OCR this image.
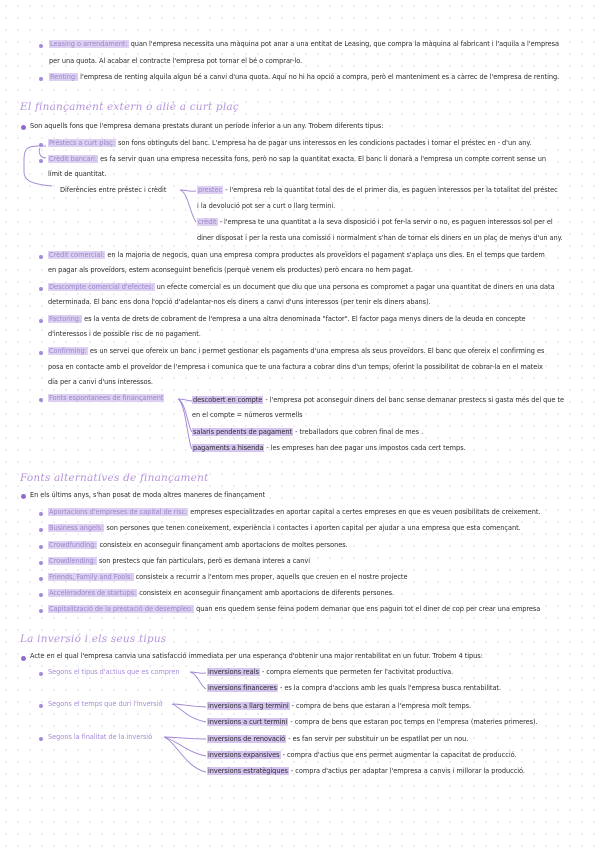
Leasing o arrendament: quan l'empresa necessita una màquina pot anar a una entitat de Leasing, que compra la màquina al fabricant i l'aquila a l'empresa
per una quota. Al acabar el contracte l'empresa pot tornar el bé o comprar-lo.
Renting: l'empresa de renting alquila algun bé a canvi d'una quota. Aquí no hi ha opció a compra, però el manteniment es a càrrec de l'empresa de renting.
El finançament extern o aliè a curt plaç
Son aquells fons que l'empresa demana prestats durant un període inferior a un any. Trobem diferents tipus:
Préstecs a curt plaç: son fons obtinguts del banc. L'empresa ha de pagar uns interessos en les condicions pactades i tornar el préstec en - d'un any.
Crèdit bancari: es fa servir quan una empresa necessita fons, però no sap la quantitat exacta. El banc li donarà a l'empresa un compte corrent sense un
límit de quantitat.
Diferències entre préstec i crèdit	prestec - l'empresa reb la quantitat total des de el primer dia, es paguen interessos per la totalitat del préstec
i la devolució pot ser a curt o llarg termini.
crèdit - l'empresa te una quantitat a la seva disposició i pot fer-la servir o no, es paguen interessos sol per el
diner disposat i per la resta una comissió i normalment s'han de tornar els diners en un plaç de menys d'un any.
Crèdit comercial: en la majoria de negocis, quan una empresa compra productes als proveïdors el pagament s'aplaça uns dies. En el temps que tardem
en pagar als proveïdors, estem aconseguint beneficis (perquè venem els productes) però encara no hem pagat.
Descompte comercial d'efectes: un efecte comercial es un document que diu que una persona es compromet a pagar una quantitat de diners en una data
determinada. El banc ens dona l'opció d'adelantar-nos els diners a canvi d'uns interessos (per tenir els diners abans).
Factoring: es la venta de drets de cobrament de l'empresa a una altra denominada "factor". El factor paga menys diners de la deuda en concepte
d'interessos i de possible risc de no pagament.
Confirming: es un servei que ofereix un banc i permet gestionar els pagaments d'una empresa als seus proveïdors. El banc que ofereix el confirming es
posa en contacte amb el proveïdor de l'empresa i comunica que te una factura a cobrar dins d'un temps, oferint la possibilitat de cobrar-la en el mateix
dia per a canvi d'uns interessos.
Fonts espontanees de finançament	descobert en compte - l'empresa pot aconseguir diners del banc sense demanar prestecs si gasta més del que te
en el compte = números vermells
salaris pendents de pagament - treballadors que cobren final de mes .
pagaments a hisenda - les empreses han dee pagar uns impostos cada cert temps.
Fonts alternatives de finançament
En els últims anys, s'han posat de moda altres maneres de finançament
Aportacions d'empreses de capital de risc: empreses especialitzades en aportar capital a certes empreses en que es veuen posibilitats de creixement.
Business angels: son persones que tenen coneixement, experiència i contactes i aporten capital per ajudar a una empresa que esta començant.
Crowdfunding: consisteix en aconseguir finançament amb aportacions de moltes persones.
Crowdlending: son prestecs que fan particulars, però es demana interes a canvi
Friends, Family and Fools: consisteix a recurrir a l'entorn mes proper, aquells que creuen en el nostre projecte
Acceleradores de startups: consisteix en aconseguir finançament amb aportacions de diferents persones.
Capitalització de la prestació de desempleo: quan ens quedem sense feina podem demanar que ens paguin tot el diner de cop per crear una empresa
La inversió i els seus tipus
Acte en el qual l'empresa canvia una satisfacció immediata per una esperança d'obtenir una major rentabilitat en un futur. Trobem 4 tipus:
Segons el tipus d'actius que es compren
Segons el temps que duri l'inversió
Segons la finalitat de la inversió
inversions reals - compra elements que permeten fer l'activitat productiva.
inversions financeres - es la compra d'accions amb les quals l'empresa busca rentabilitat.
inversions a llarg termini - compra de bens que estaran a l'empresa molt temps.
inversions a curt termini - compra de bens que estaran poc temps en l'empresa (materies primeres).
inversions de renovació - es fan servir per substituir un be espatllat per un nou.
inversions expansives - compra d'actius que ens permet augmentar la capacitat de producció.
inversions estratègiques - compra d'actius per adaptar l'empresa a canvis i millorar la producció.
